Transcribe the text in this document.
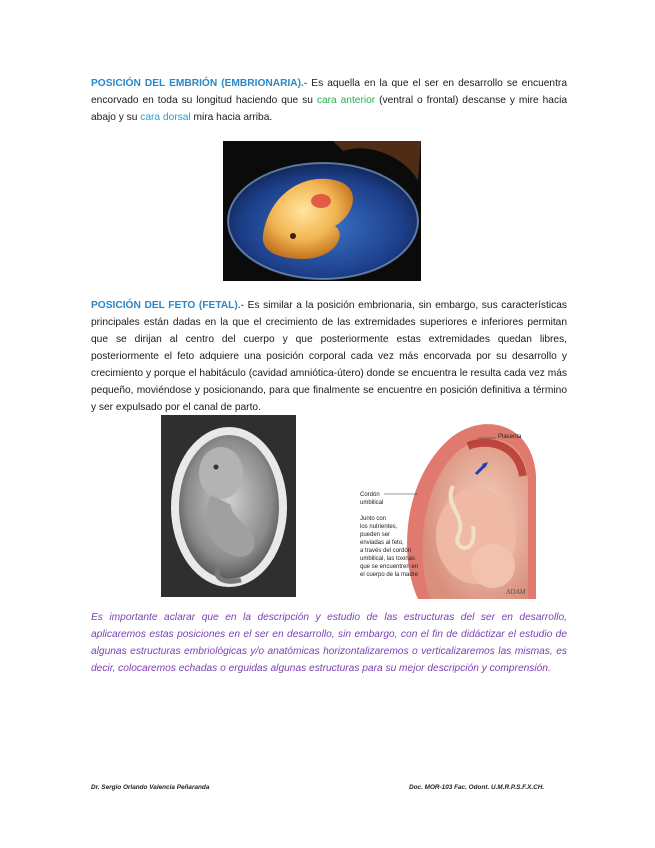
POSICIÓN DEL EMBRIÓN (EMBRIONARIA).- Es aquella en la que el ser en desarrollo se encuentra encorvado en toda su longitud haciendo que su cara anterior (ventral o frontal) descanse y mire hacia abajo y su cara dorsal mira hacia arriba.

POSICIÓN DEL FETO (FETAL).- Es similar a la posición embrionaria, sin embargo, sus características principales están dadas en la que el crecimiento de las extremidades superiores e inferiores permitan que se dirijan al centro del cuerpo y que posteriormente estas extremidades quedan libres, posteriormente el feto adquiere una posición corporal cada vez más encorvada por su desarrollo y crecimiento y porque el habitáculo (cavidad amniótica-útero) donde se encuentra le resulta cada vez más pequeño, moviéndose y posicionando, para que finalmente se encuentre en posición definitiva a término y ser expulsado por el canal de parto.

Placenta
Cordón
umbilical
Junto con
los nutrientes,
pueden ser
enviadas al feto,
a través del cordón
umbilical, las toxinas
que se encuentren en
el cuerpo de la madre
ADAM

Es importante aclarar que en la descripción y estudio de las estructuras del ser en desarrollo, aplicaremos estas posiciones en el ser en desarrollo, sin embargo, con el fin de didáctizar el estudio de algunas estructuras embriológicas y/o anatómicas horizontalizaremos o verticalizaremos las mismas, es decir, colocaremos echadas o erguidas algunas estructuras para su mejor descripción y comprensión.

Dr. Sergio Orlando Valencia Peñaranda	Doc. MOR-103 Fac. Odont. U.M.R.P.S.F.X.CH.
